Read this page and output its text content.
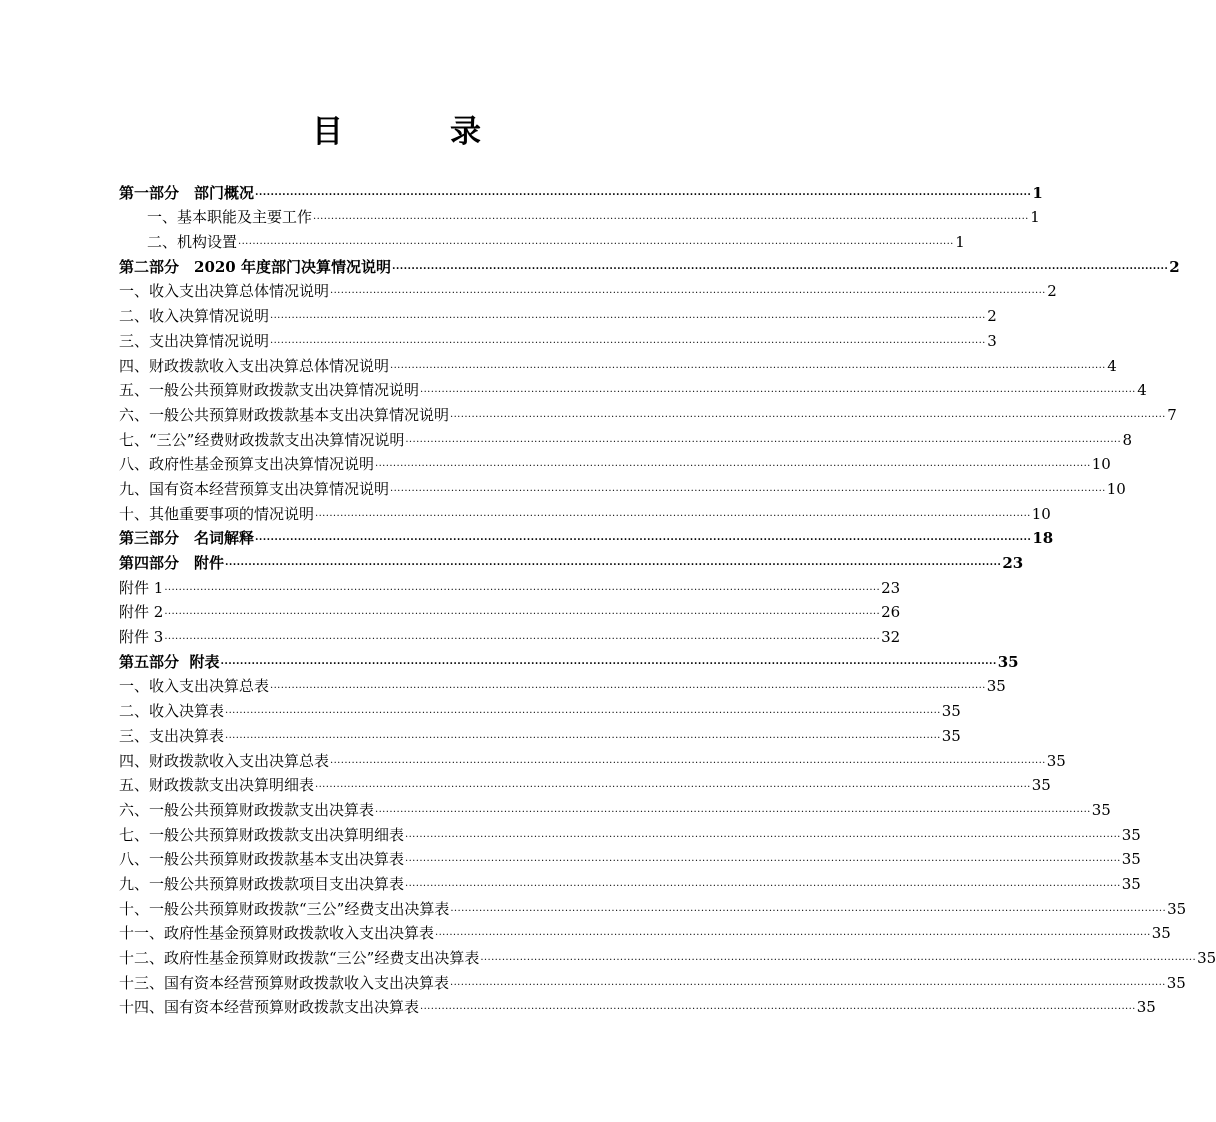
目　录
第一部分　部门概况 ........................................................................................................................................................................................................ 1
一、基本职能及主要工作 ........................................................................................................................................................................................................ 1
二、机构设置 ........................................................................................................................................................................................................ 1
第二部分　2020 年度部门决算情况说明 ........................................................................................................................................................................................................ 2
一、收入支出决算总体情况说明 ........................................................................................................................................................................................................ 2
二、收入决算情况说明 ........................................................................................................................................................................................................ 2
三、支出决算情况说明 ........................................................................................................................................................................................................ 3
四、财政拨款收入支出决算总体情况说明 ........................................................................................................................................................................................................ 4
五、一般公共预算财政拨款支出决算情况说明 ........................................................................................................................................................................................................ 4
六、一般公共预算财政拨款基本支出决算情况说明 ........................................................................................................................................................................................................ 7
七、“三公”经费财政拨款支出决算情况说明 ........................................................................................................................................................................................................ 8
八、政府性基金预算支出决算情况说明 ........................................................................................................................................................................................................ 10
九、国有资本经营预算支出决算情况说明 ........................................................................................................................................................................................................ 10
十、其他重要事项的情况说明 ........................................................................................................................................................................................................ 10
第三部分　名词解释 ........................................................................................................................................................................................................ 18
第四部分　附件 ........................................................................................................................................................................................................ 23
附件 1 ........................................................................................................................................................................................................ 23
附件 2 ........................................................................................................................................................................................................ 26
附件 3 ........................................................................................................................................................................................................ 32
第五部分  附表 ........................................................................................................................................................................................................ 35
一、收入支出决算总表 ........................................................................................................................................................................................................ 35
二、收入决算表 ........................................................................................................................................................................................................ 35
三、支出决算表 ........................................................................................................................................................................................................ 35
四、财政拨款收入支出决算总表 ........................................................................................................................................................................................................ 35
五、财政拨款支出决算明细表 ........................................................................................................................................................................................................ 35
六、一般公共预算财政拨款支出决算表 ........................................................................................................................................................................................................ 35
七、一般公共预算财政拨款支出决算明细表 ........................................................................................................................................................................................................ 35
八、一般公共预算财政拨款基本支出决算表 ........................................................................................................................................................................................................ 35
九、一般公共预算财政拨款项目支出决算表 ........................................................................................................................................................................................................ 35
十、一般公共预算财政拨款“三公”经费支出决算表 ........................................................................................................................................................................................................ 35
十一、政府性基金预算财政拨款收入支出决算表 ........................................................................................................................................................................................................ 35
十二、政府性基金预算财政拨款“三公”经费支出决算表 ........................................................................................................................................................................................................ 35
十三、国有资本经营预算财政拨款收入支出决算表 ........................................................................................................................................................................................................ 35
十四、国有资本经营预算财政拨款支出决算表 ........................................................................................................................................................................................................ 35
